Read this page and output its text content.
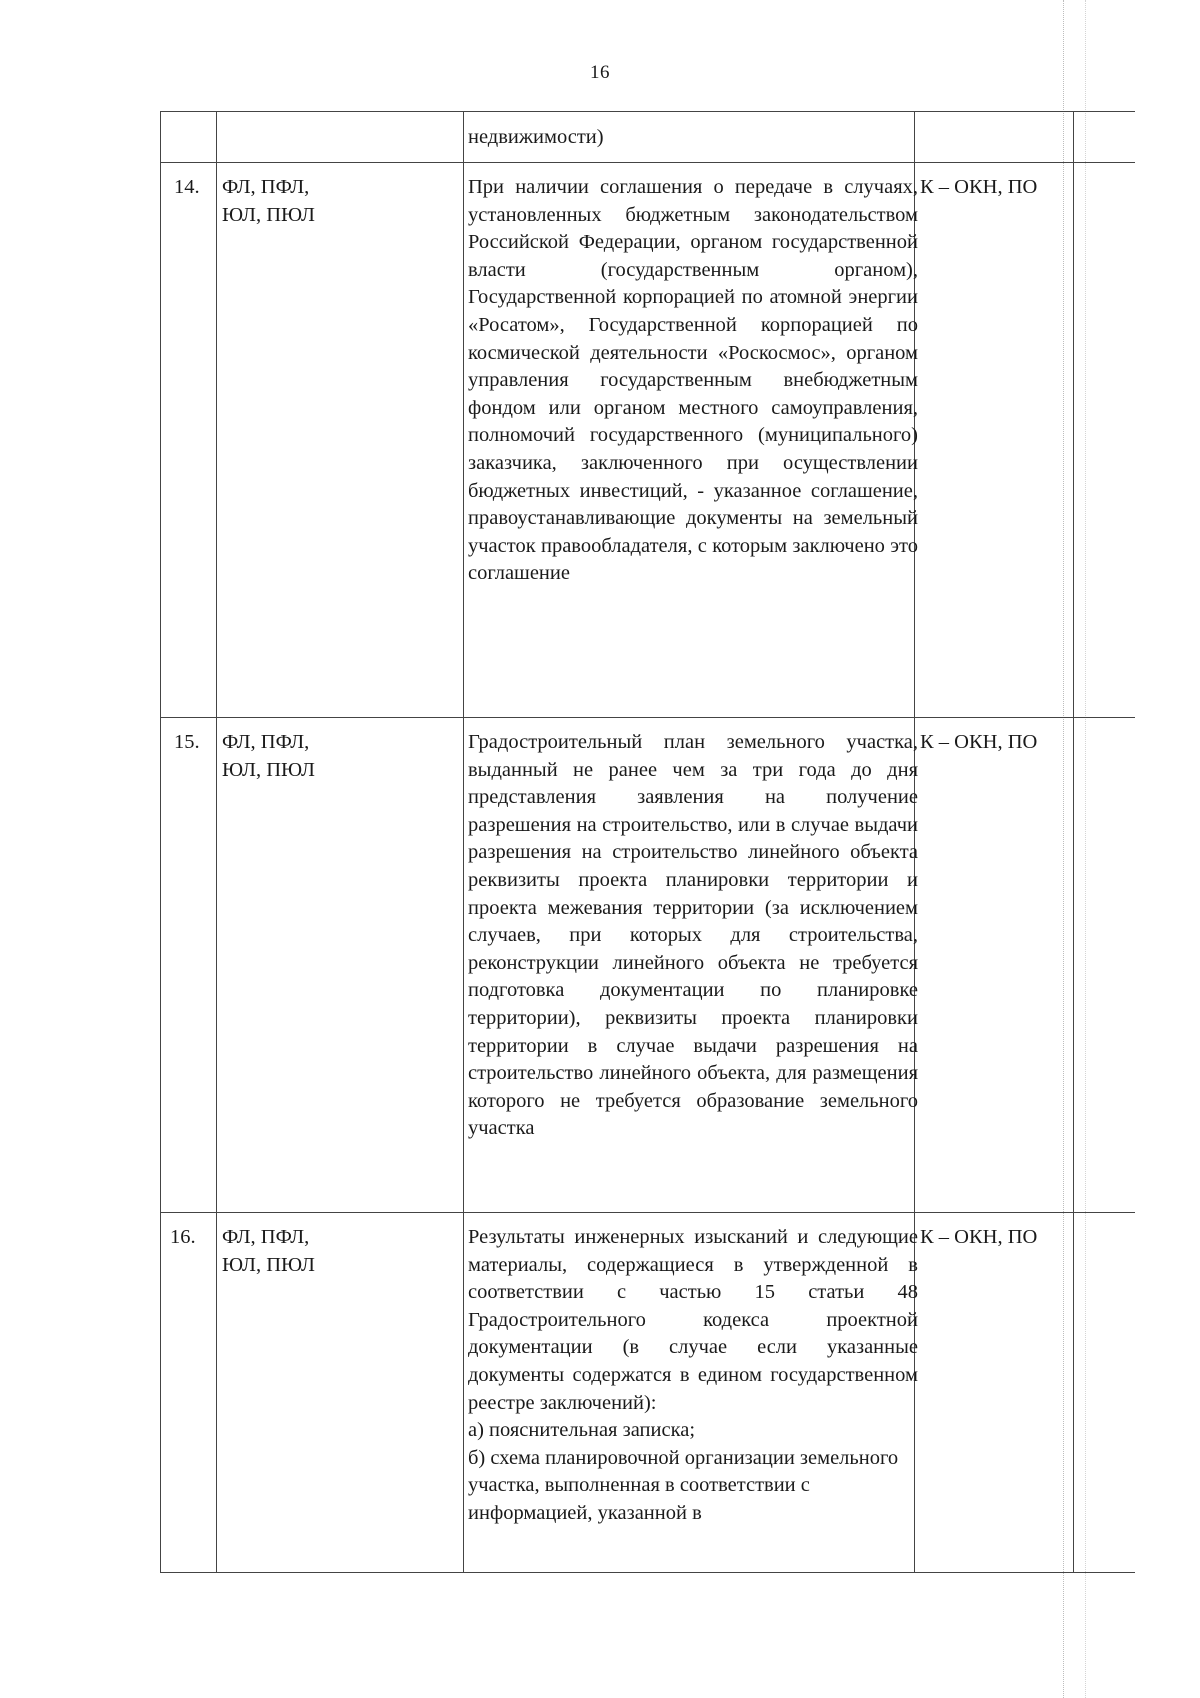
16
недвижимости)
14. ФЛ, ПФЛ,
ЮЛ, ПЮЛ
При наличии соглашения о передаче в случаях, установленных бюджетным законодательством Российской Федерации, органом государственной власти (государственным органом), Государственной корпорацией по атомной энергии «Росатом», Государственной корпорацией по космической деятельности «Роскосмос», органом управления государственным внебюджетным фондом или органом местного самоуправления, полномочий государственного (муниципального) заказчика, заключенного при осуществлении бюджетных инвестиций, - указанное соглашение, правоустанавливающие документы на земельный участок правообладателя, с которым заключено это соглашение
К – ОКН, ПО
15. ФЛ, ПФЛ,
ЮЛ, ПЮЛ
Градостроительный план земельного участка, выданный не ранее чем за три года до дня представления заявления на получение разрешения на строительство, или в случае выдачи разрешения на строительство линейного объекта реквизиты проекта планировки территории и проекта межевания территории (за исключением случаев, при которых для строительства, реконструкции линейного объекта не требуется подготовка документации по планировке территории), реквизиты проекта планировки территории в случае выдачи разрешения на строительство линейного объекта, для размещения которого не требуется образование земельного участка
К – ОКН, ПО
16. ФЛ, ПФЛ,
ЮЛ, ПЮЛ
Результаты инженерных изысканий и следующие материалы, содержащиеся в утвержденной в соответствии с частью 15 статьи 48 Градостроительного кодекса проектной документации (в случае если указанные документы содержатся в едином государственном реестре заключений):
а) пояснительная записка;
б) схема планировочной организации земельного участка, выполненная в соответствии с информацией, указанной в
К – ОКН, ПО
